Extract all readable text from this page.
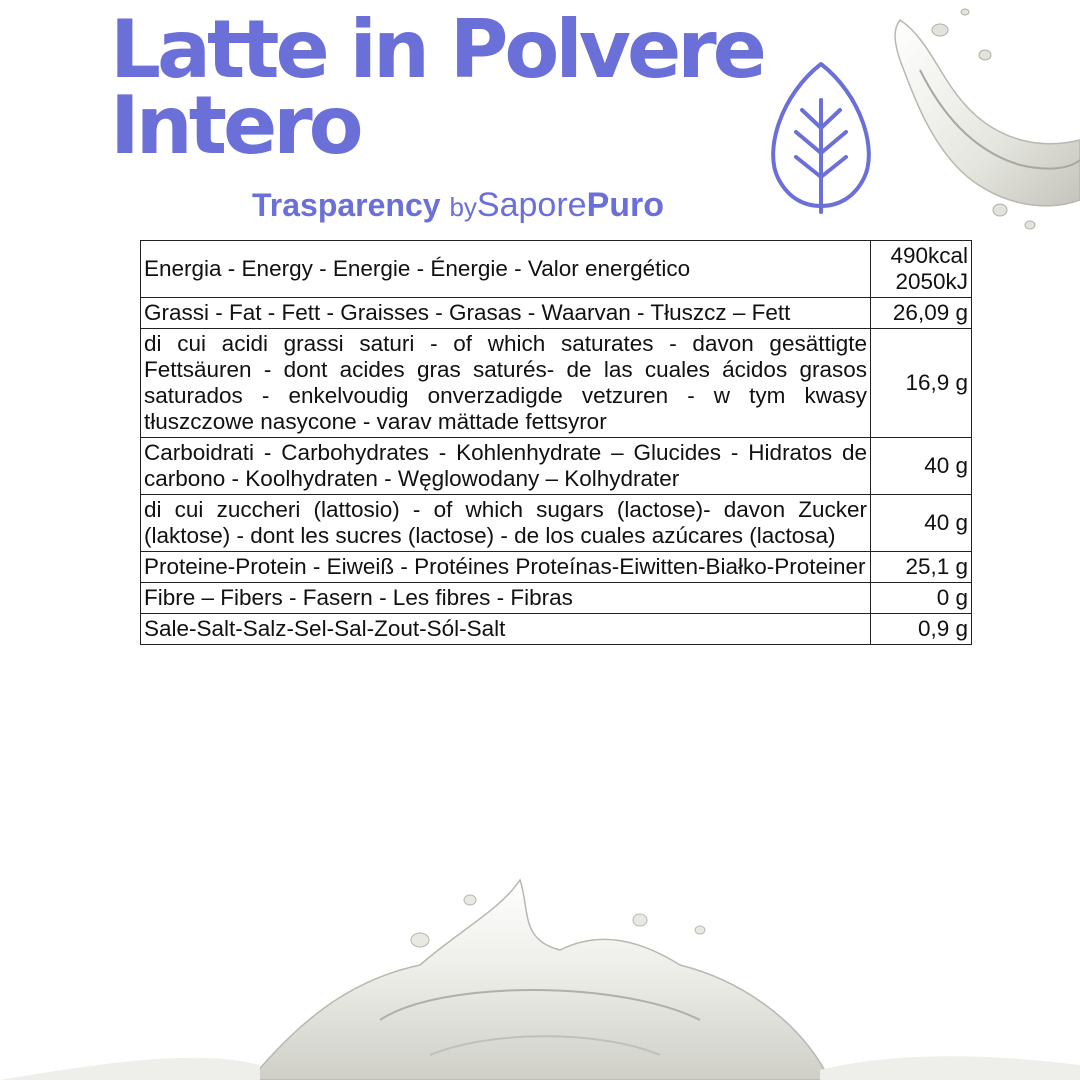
Latte in Polvere
Intero
Trasparency bySaporePuro
Energia - Energy - Energie - Énergie - Valor energético	490kcal
2050kJ

Grassi - Fat - Fett - Graisses - Grasas - Waarvan - Tłuszcz – Fett	26,09 g
di cui acidi grassi saturi - of which saturates - davon gesättigte Fettsäuren - dont acides gras saturés- de las cuales ácidos grasos saturados - enkelvoudig onverzadigde vetzuren - w tym kwasy tłuszczowe nasycone - varav mättade fettsyror	16,9 g
Carboidrati - Carbohydrates - Kohlenhydrate – Glucides - Hidratos de carbono - Koolhydraten - Węglowodany – Kolhydrater	40 g
di cui zuccheri (lattosio) - of which sugars (lactose)- davon Zucker (laktose) - dont les sucres (lactose) - de los cuales azúcares (lactosa)	40 g
Proteine-Protein - Eiweiß - Protéines Proteínas-Eiwitten-Białko-Proteiner	25,1 g
Fibre – Fibers - Fasern - Les fibres - Fibras	0 g
Sale-Salt-Salz-Sel-Sal-Zout-Sól-Salt	0,9 g
